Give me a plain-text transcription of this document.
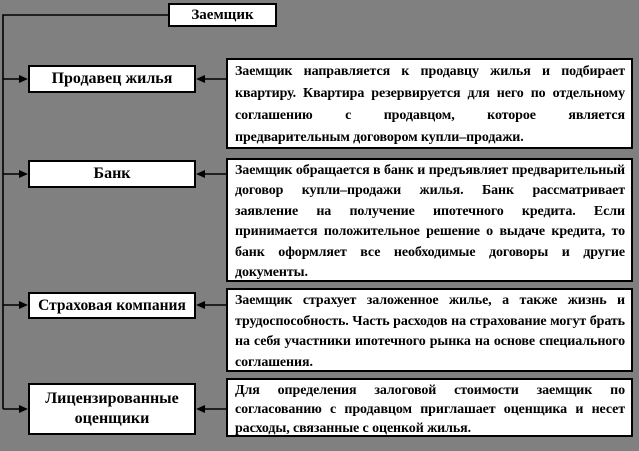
Заемщик
Продавец жилья
Банк
Страховая компания
Лицензированные оценщики
Заемщик направляется к продавцу жилья и подбирает квартиру. Квартира резервируется для него по отдельному соглашению с продавцом, которое является предварительным договором купли–продажи.
Заемщик обращается в банк и предъявляет предварительный договор купли–продажи жилья. Банк рассматривает заявление на получение ипотечного кредита. Если принимается положительное решение о выдаче кредита, то банк оформляет все необходимые договоры и другие документы.
Заемщик страхует заложенное жилье, а также жизнь и трудоспособность. Часть расходов на страхование могут брать на себя участники ипотечного рынка на основе специального соглашения.
Для определения залоговой стоимости заемщик по согласованию с продавцом приглашает оценщика и несет расходы, связанные с оценкой жилья.
